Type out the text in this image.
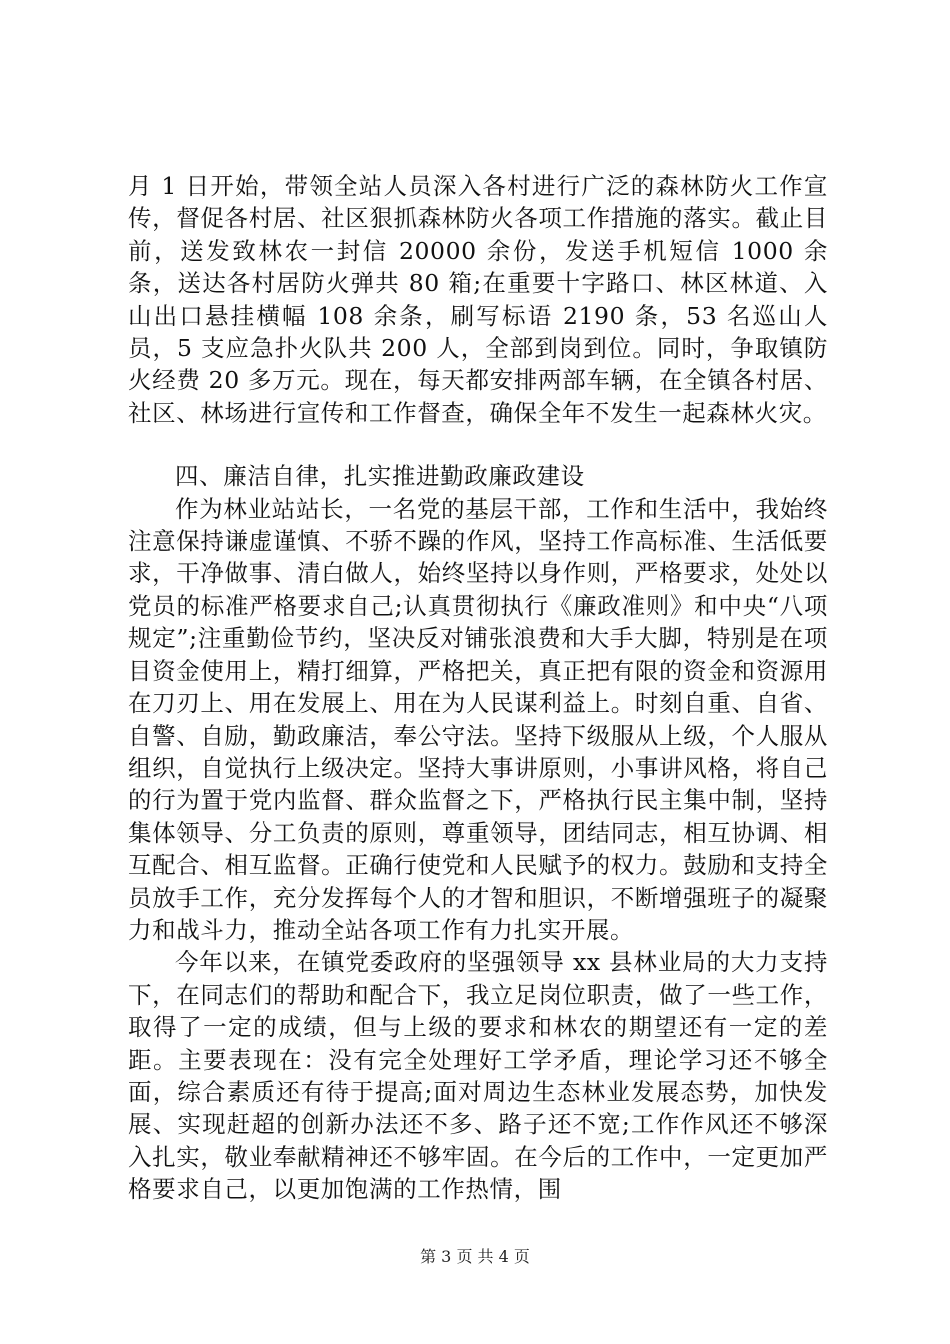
月 1 日开始，带领全站人员深入各村进行广泛的森林防火工作宣传，督促各村居、社区狠抓森林防火各项工作措施的落实。截止目前，送发致林农一封信 20000 余份，发送手机短信 1000 余条，送达各村居防火弹共 80 箱;在重要十字路口、林区林道、入山出口悬挂横幅 108 余条，刷写标语 2190 条，53 名巡山人员，5 支应急扑火队共 200 人，全部到岗到位。同时，争取镇防火经费 20 多万元。现在，每天都安排两部车辆，在全镇各村居、社区、林场进行宣传和工作督查，确保全年不发生一起森林火灾。

四、廉洁自律，扎实推进勤政廉政建设

作为林业站站长，一名党的基层干部，工作和生活中，我始终注意保持谦虚谨慎、不骄不躁的作风，坚持工作高标准、生活低要求，干净做事、清白做人，始终坚持以身作则，严格要求，处处以党员的标准严格要求自己;认真贯彻执行《廉政准则》和中央“八项规定”;注重勤俭节约，坚决反对铺张浪费和大手大脚，特别是在项目资金使用上，精打细算，严格把关，真正把有限的资金和资源用在刀刃上、用在发展上、用在为人民谋利益上。时刻自重、自省、自警、自励，勤政廉洁，奉公守法。坚持下级服从上级，个人服从组织，自觉执行上级决定。坚持大事讲原则，小事讲风格，将自己的行为置于党内监督、群众监督之下，严格执行民主集中制，坚持集体领导、分工负责的原则，尊重领导，团结同志，相互协调、相互配合、相互监督。正确行使党和人民赋予的权力。鼓励和支持全员放手工作，充分发挥每个人的才智和胆识，不断增强班子的凝聚力和战斗力，推动全站各项工作有力扎实开展。

今年以来，在镇党委政府的坚强领导 xx 县林业局的大力支持下，在同志们的帮助和配合下，我立足岗位职责，做了一些工作，取得了一定的成绩，但与上级的要求和林农的期望还有一定的差距。主要表现在：没有完全处理好工学矛盾，理论学习还不够全面，综合素质还有待于提高;面对周边生态林业发展态势，加快发展、实现赶超的创新办法还不多、路子还不宽;工作作风还不够深入扎实，敬业奉献精神还不够牢固。在今后的工作中，一定更加严格要求自己，以更加饱满的工作热情，围

第 3 页 共 4 页
